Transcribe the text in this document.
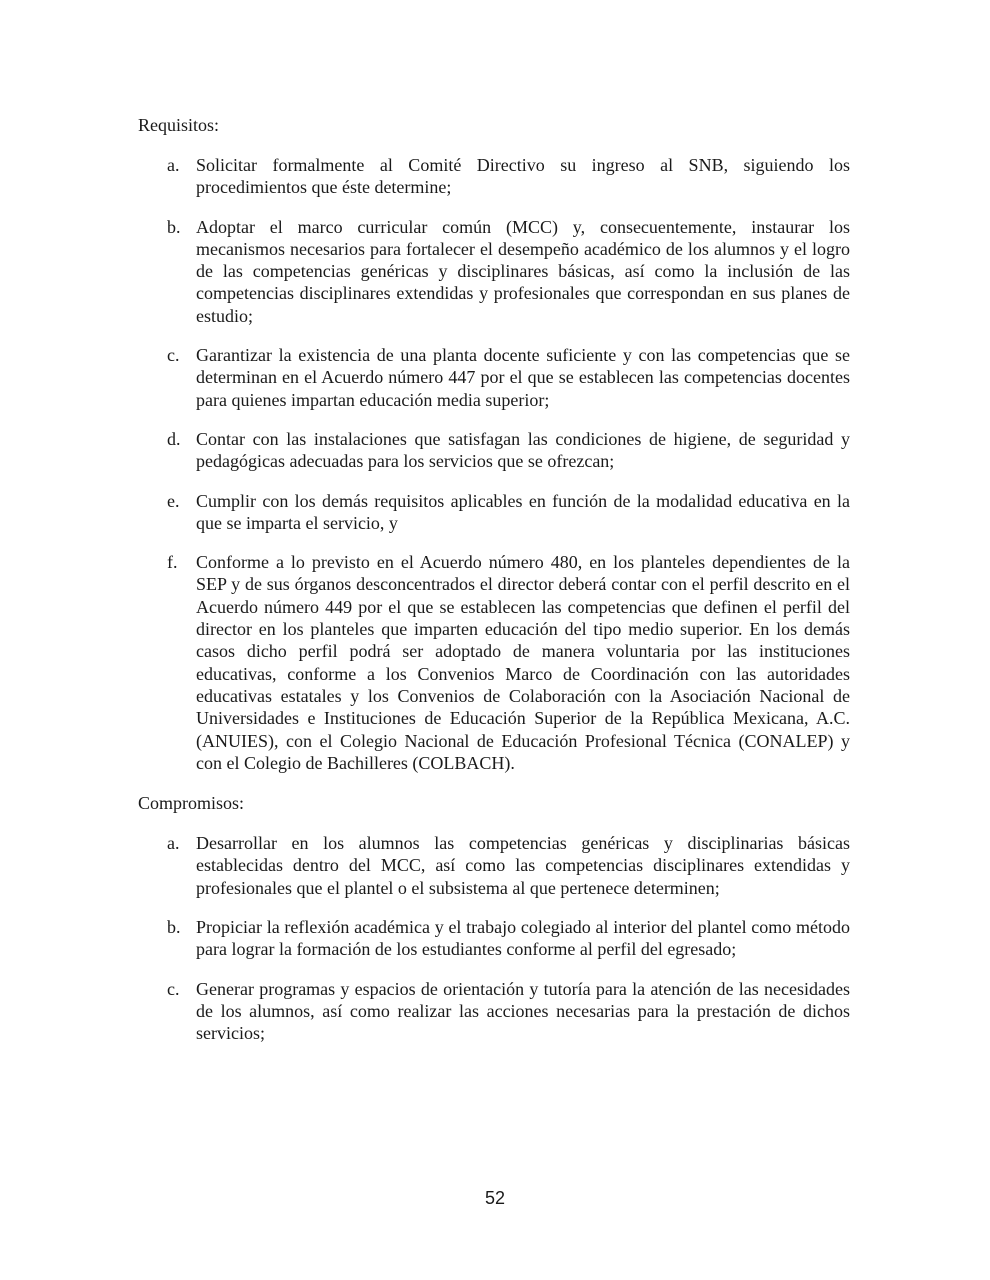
Requisitos:

a. Solicitar formalmente al Comité Directivo su ingreso al SNB, siguiendo los procedimientos que éste determine;
b. Adoptar el marco curricular común (MCC) y, consecuentemente, instaurar los mecanismos necesarios para fortalecer el desempeño académico de los alumnos y el logro de las competencias genéricas y disciplinares básicas, así como la inclusión de las competencias disciplinares extendidas y profesionales que correspondan en sus planes de estudio;
c. Garantizar la existencia de una planta docente suficiente y con las competencias que se determinan en el Acuerdo número 447 por el que se establecen las competencias docentes para quienes impartan educación media superior;
d. Contar con las instalaciones que satisfagan las condiciones de higiene, de seguridad y pedagógicas adecuadas para los servicios que se ofrezcan;
e. Cumplir con los demás requisitos aplicables en función de la modalidad educativa en la que se imparta el servicio, y
f.	Conforme a lo previsto en el Acuerdo número 480, en los planteles dependientes de la SEP y de sus órganos desconcentrados el director deberá contar con el perfil descrito en el Acuerdo número 449 por el que se establecen las competencias que definen el perfil del director en los planteles que imparten educación del tipo medio superior. En los demás casos dicho perfil podrá ser adoptado de manera voluntaria por las instituciones educativas, conforme a los Convenios Marco de Coordinación con las autoridades educativas estatales y los Convenios de Colaboración con la Asociación Nacional de Universidades e Instituciones de Educación Superior de la República Mexicana, A.C. (ANUIES), con el Colegio Nacional de Educación Profesional Técnica (CONALEP) y con el Colegio de Bachilleres (COLBACH).

Compromisos:

a. Desarrollar en los alumnos las competencias genéricas y disciplinarias básicas establecidas dentro del MCC, así como las competencias disciplinares extendidas y profesionales que el plantel o el subsistema al que pertenece determinen;
b. Propiciar la reflexión académica y el trabajo colegiado al interior del plantel como método para lograr la formación de los estudiantes conforme al perfil del egresado;
c. Generar programas y espacios de orientación y tutoría para la atención de las necesidades de los alumnos, así como realizar las acciones necesarias para la prestación de dichos servicios;
52
